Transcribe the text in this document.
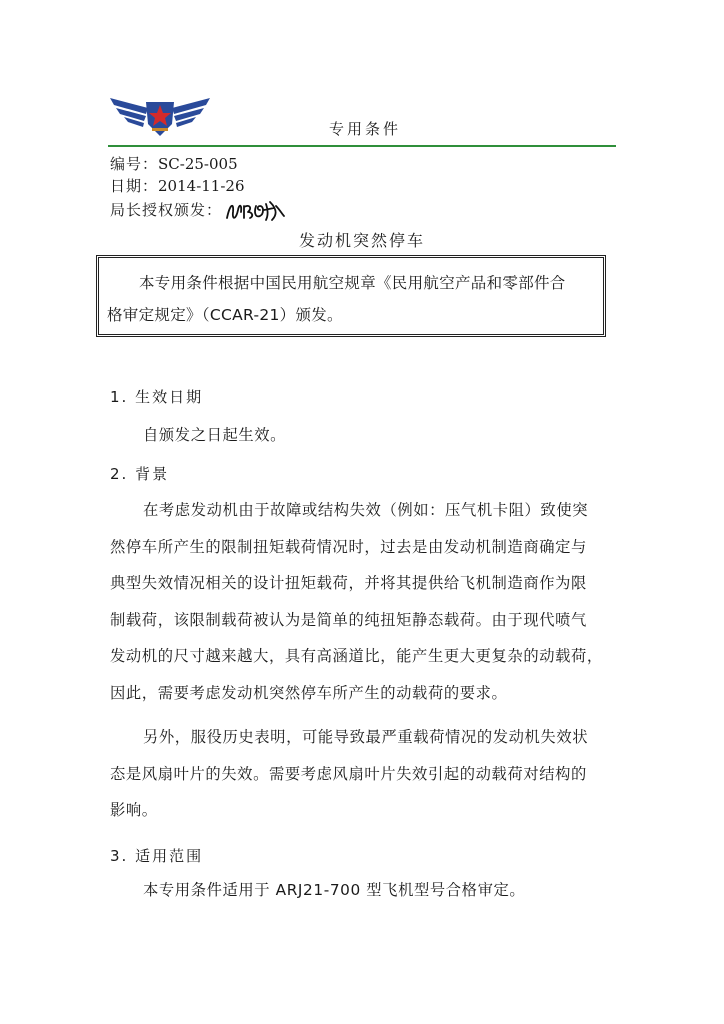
专用条件
编号：SC-25-005
日期：2014-11-26
局长授权颁发：
发动机突然停车
本专用条件根据中国民用航空规章《民用航空产品和零部件合
格审定规定》（CCAR-21）颁发。
1. 生效日期
自颁发之日起生效。
2. 背景
在考虑发动机由于故障或结构失效（例如：压气机卡阻）致使突
然停车所产生的限制扭矩载荷情况时，过去是由发动机制造商确定与
典型失效情况相关的设计扭矩载荷，并将其提供给飞机制造商作为限
制载荷，该限制载荷被认为是简单的纯扭矩静态载荷。由于现代喷气
发动机的尺寸越来越大，具有高涵道比，能产生更大更复杂的动载荷，
因此，需要考虑发动机突然停车所产生的动载荷的要求。
另外，服役历史表明，可能导致最严重载荷情况的发动机失效状
态是风扇叶片的失效。需要考虑风扇叶片失效引起的动载荷对结构的
影响。
3. 适用范围
本专用条件适用于 ARJ21-700 型飞机型号合格审定。
